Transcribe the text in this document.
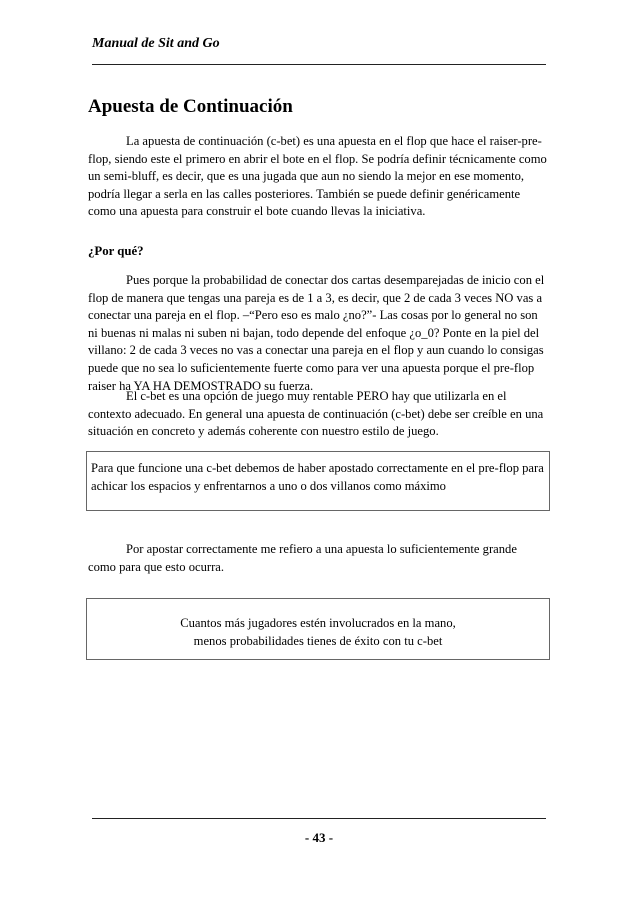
Manual de Sit and Go
Apuesta de Continuación

La apuesta de continuación (c-bet) es una apuesta en el flop que hace el raiser-pre-flop, siendo este el primero en abrir el bote en el flop. Se podría definir técnicamente como un semi-bluff, es decir, que es una jugada que aun no siendo la mejor en ese momento, podría llegar a serla en las calles posteriores. También se puede definir genéricamente como una apuesta para construir el bote cuando llevas la iniciativa.

¿Por qué?

Pues porque la probabilidad de conectar dos cartas desemparejadas de inicio con el flop de manera que tengas una pareja es de 1 a 3, es decir, que 2 de cada 3 veces NO vas a conectar una pareja en el flop. –“Pero eso es malo ¿no?”- Las cosas por lo general no son ni buenas ni malas ni suben ni bajan, todo depende del enfoque ¿o_0? Ponte en la piel del villano: 2 de cada 3 veces no vas a conectar una pareja en el flop y aun cuando lo consigas puede que no sea lo suficientemente fuerte como para ver una apuesta porque el pre-flop raiser ha YA HA DEMOSTRADO su fuerza.

El c-bet es una opción de juego muy rentable PERO hay que utilizarla en el contexto adecuado. En general una apuesta de continuación (c-bet) debe ser creíble en una situación en concreto y además coherente con nuestro estilo de juego.

Para que funcione una c-bet debemos de haber apostado correctamente en el pre-flop para achicar los espacios y enfrentarnos a uno o dos villanos como máximo

Por apostar correctamente me refiero a una apuesta lo suficientemente grande como para que esto ocurra.

Cuantos más jugadores estén involucrados en la mano,

menos probabilidades tienes de éxito con tu c-bet

- 43 -
